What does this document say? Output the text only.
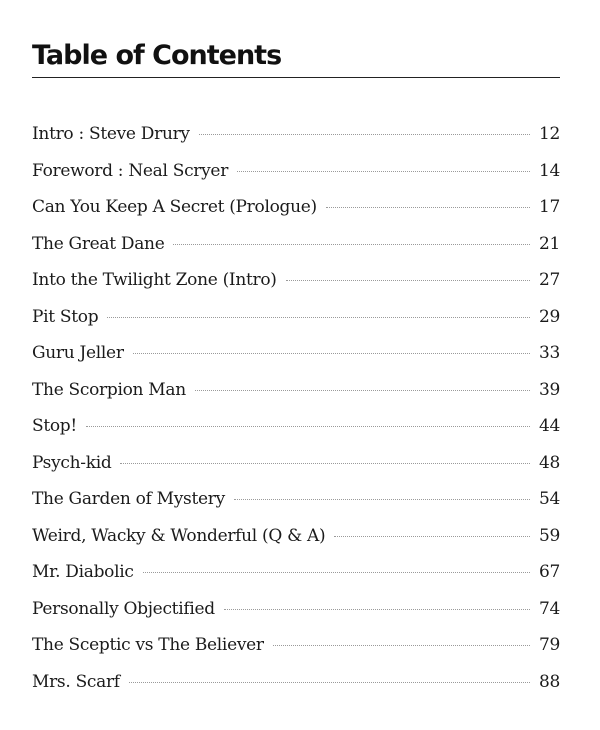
Table of Contents
Intro : Steve Drury	12
Foreword : Neal Scryer	14
Can You Keep A Secret (Prologue)	17
The Great Dane	21
Into the Twilight Zone (Intro)	27
Pit Stop	29
Guru Jeller	33
The Scorpion Man	39
Stop!	44
Psych-kid	48
The Garden of Mystery	54
Weird, Wacky & Wonderful (Q & A)	59
Mr. Diabolic	67
Personally Objectified	74
The Sceptic vs The Believer	79
Mrs. Scarf	88
